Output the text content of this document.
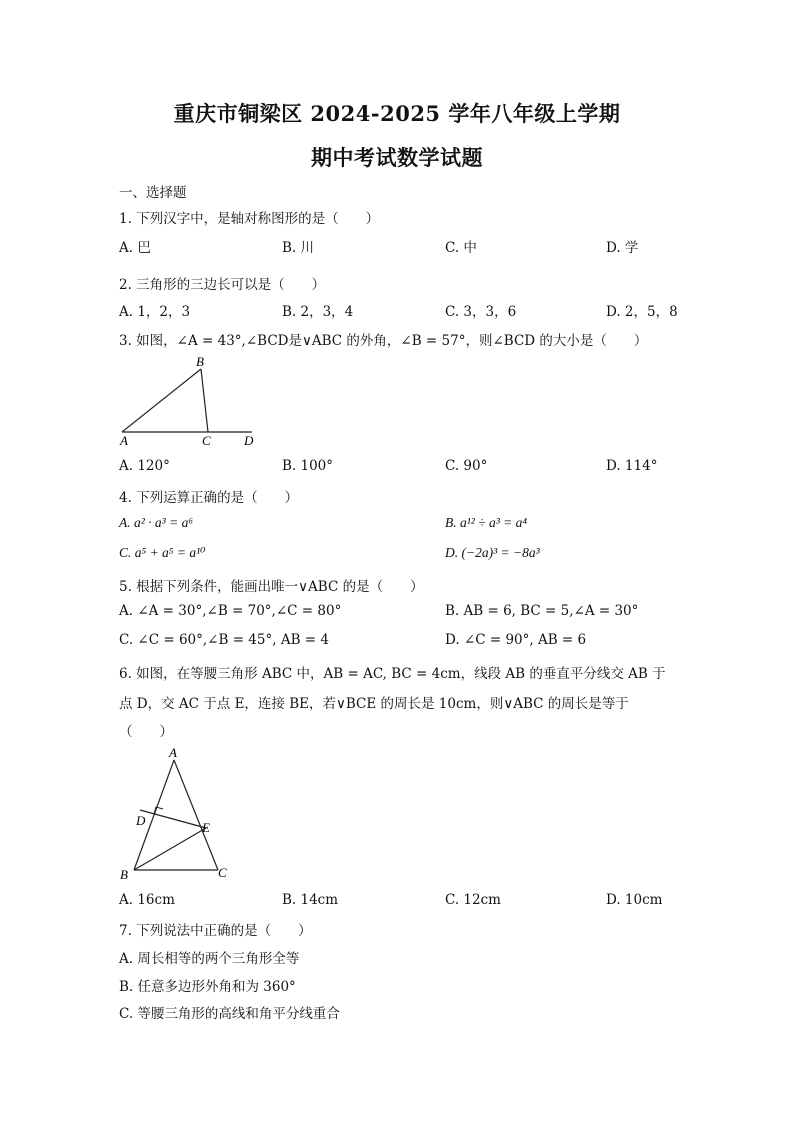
重庆市铜梁区 2024-2025 学年八年级上学期
期中考试数学试题
一、选择题
1. 下列汉字中，是轴对称图形的是（　　）
A. 巴	B. 川	C. 中	D. 学
2. 三角形的三边长可以是（　　）
A. 1，2，3	B. 2，3，4	C. 3，3，6	D. 2，5，8
3. 如图，∠A = 43°,∠BCD是∨ABC 的外角，∠B = 57°，则∠BCD 的大小是（　　）
A
B
C	D
A. 120°	B. 100°	C. 90°	D. 114°
4. 下列运算正确的是（　　）
A. a² · a³ = a⁶	B. a¹² ÷ a³ = a⁴
C. a⁵ + a⁵ = a¹⁰	D. (−2a)³ = −8a³
5. 根据下列条件，能画出唯一∨ABC 的是（　　）
A. ∠A = 30°,∠B = 70°,∠C = 80°	B. AB = 6, BC = 5,∠A = 30°
C. ∠C = 60°,∠B = 45°, AB = 4	D. ∠C = 90°, AB = 6
6. 如图，在等腰三角形 ABC 中，AB = AC, BC = 4cm，线段 AB 的垂直平分线交 AB 于
点 D，交 AC 于点 E，连接 BE，若∨BCE 的周长是 10cm，则∨ABC 的周长是等于
（　　）
A
B	C
D	E
A. 16cm	B. 14cm	C. 12cm	D. 10cm
7. 下列说法中正确的是（　　）
A. 周长相等的两个三角形全等
B. 任意多边形外角和为 360°
C. 等腰三角形的高线和角平分线重合
